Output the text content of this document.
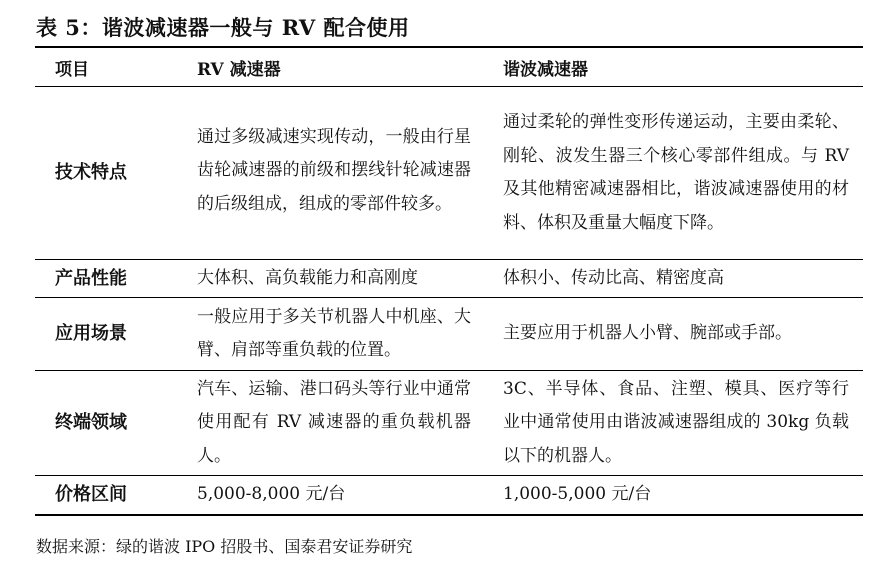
表 5：谐波减速器一般与 RV 配合使用
项目	RV 减速器	谐波减速器
技术特点	通过多级减速实现传动，一般由行星齿轮减速器的前级和摆线针轮减速器的后级组成，组成的零部件较多。	通过柔轮的弹性变形传递运动，主要由柔轮、刚轮、波发生器三个核心零部件组成。与 RV 及其他精密减速器相比，谐波减速器使用的材料、体积及重量大幅度下降。

产品性能	大体积、高负载能力和高刚度	体积小、传动比高、精密度高

应用场景	一般应用于多关节机器人中机座、大臂、肩部等重负载的位置。	主要应用于机器人小臂、腕部或手部。

终端领域	汽车、运输、港口码头等行业中通常使用配有 RV 减速器的重负载机器人。	3C、半导体、食品、注塑、模具、医疗等行业中通常使用由谐波减速器组成的 30kg 负载以下的机器人。

价格区间	5,000-8,000 元/台	1,000-5,000 元/台
数据来源：绿的谐波 IPO 招股书、国泰君安证券研究
